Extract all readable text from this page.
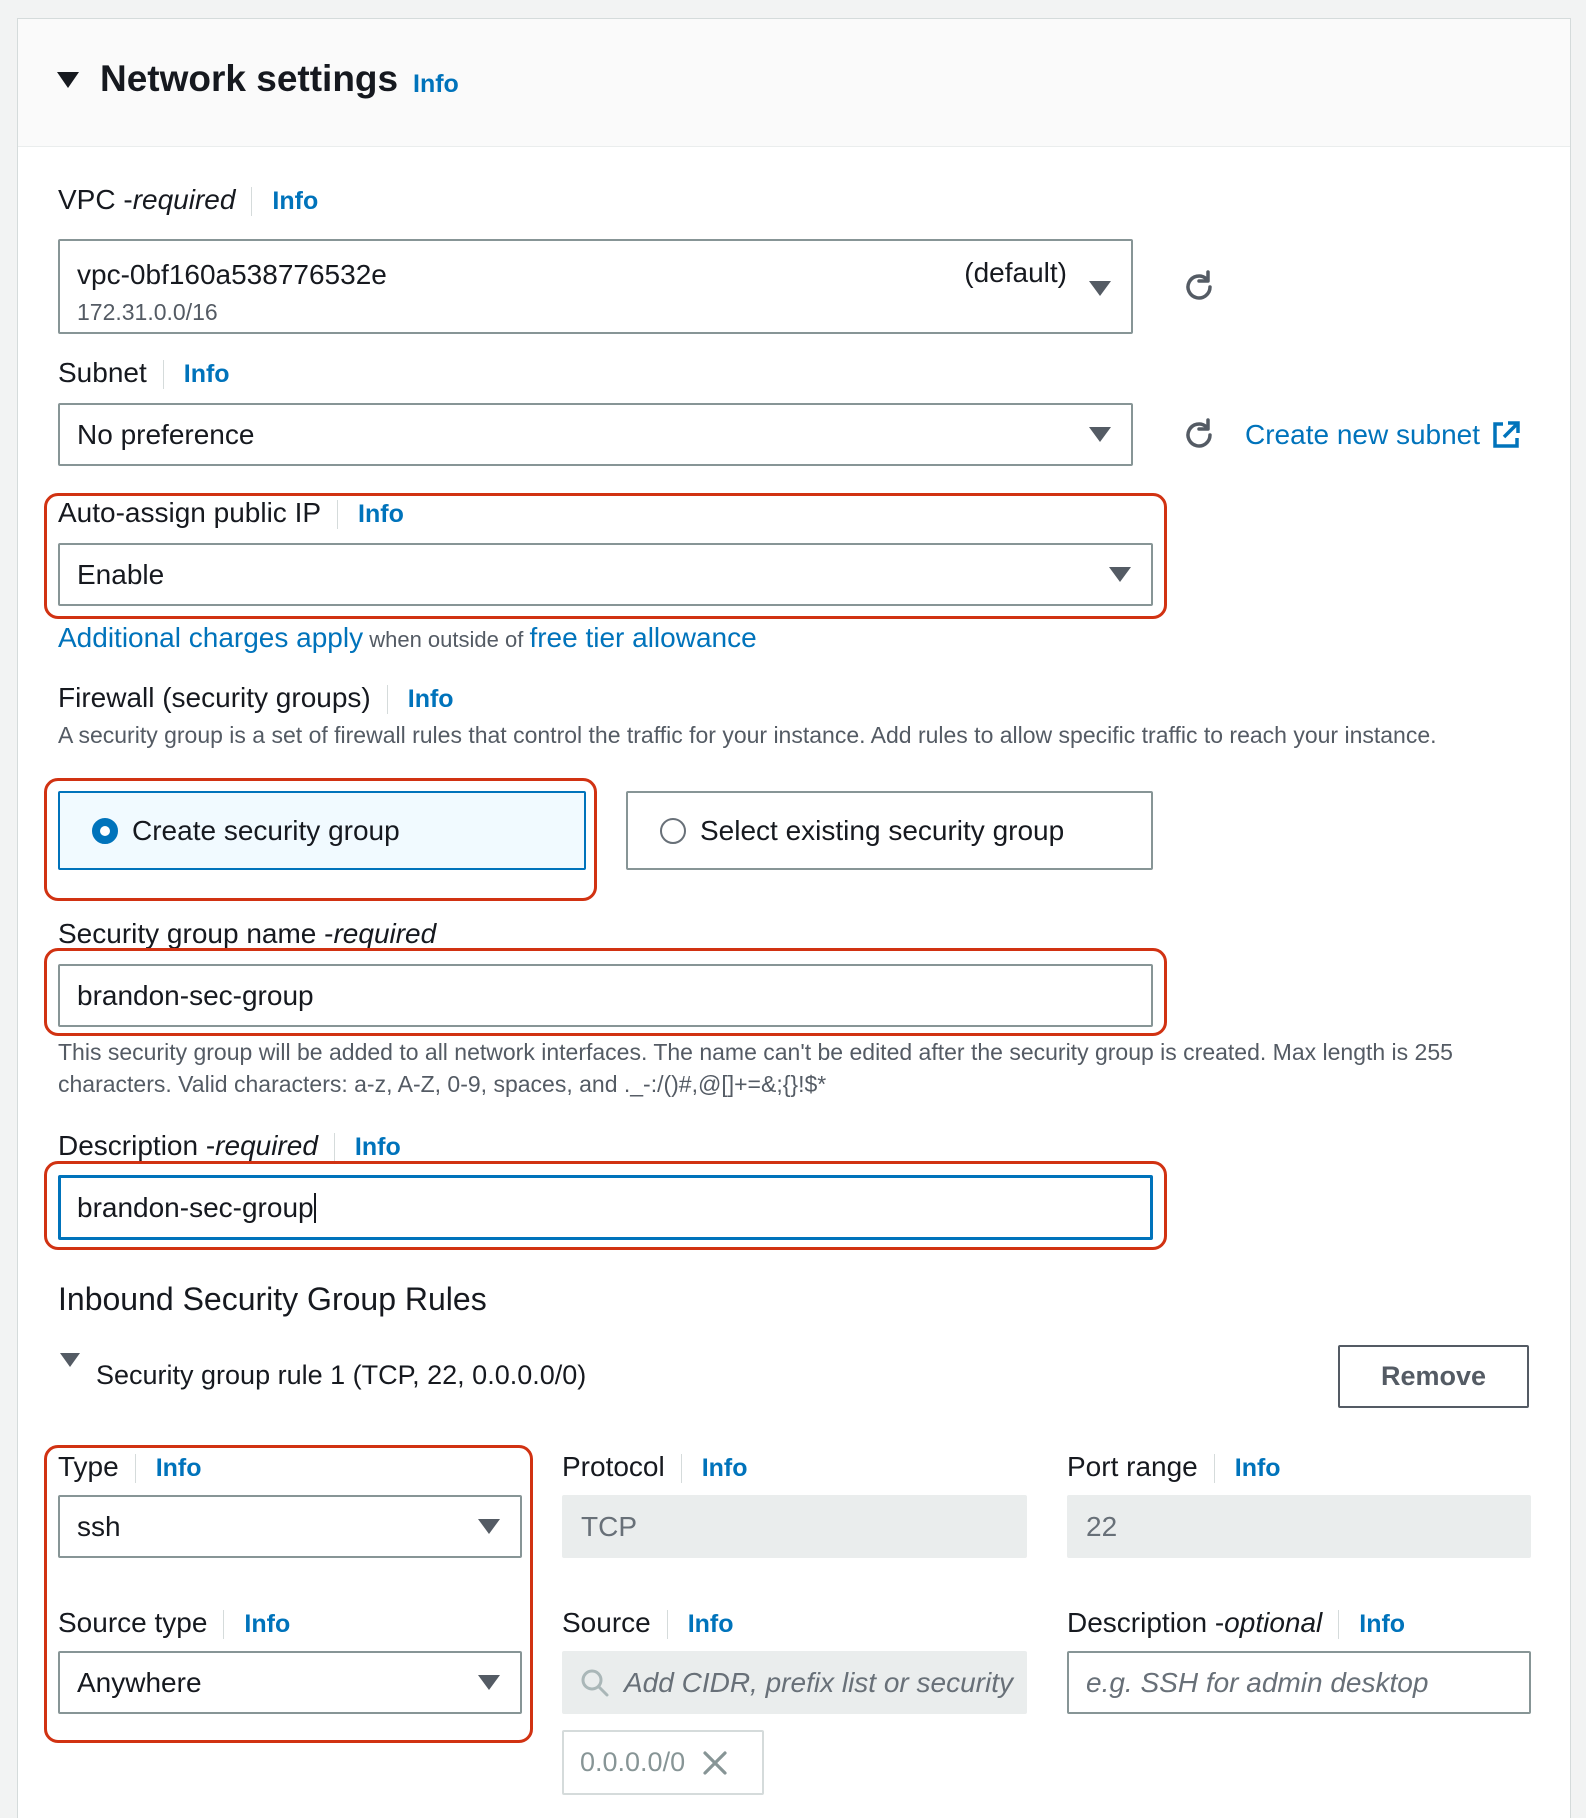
Network settings Info
VPC - required	Info
vpc-0bf160a538776532e
172.31.0.0/16
(default)
Subnet	Info
No preference	Create new subnet
Auto-assign public IP	Info
Enable
Additional charges apply when outside of free tier allowance
Firewall (security groups)	Info
A security group is a set of firewall rules that control the traffic for your instance. Add rules to allow specific traffic to reach your instance.
Create security group	Select existing security group
Security group name - required
brandon-sec-group
This security group will be added to all network interfaces. The name can't be edited after the security group is created. Max length is 255 characters. Valid characters: a-z, A-Z, 0-9, spaces, and ._-:/()#,@[]+=&;{}!$*
Description - required	Info
brandon-sec-group
Inbound Security Group Rules
Security group rule 1 (TCP, 22, 0.0.0.0/0)	Remove
Type	Info
ssh
Protocol	Info
TCP
Port range	Info
22
Source type	Info
Anywhere
Source	Info
Add CIDR, prefix list or security
0.0.0.0/0
Description - optional	Info
e.g. SSH for admin desktop
